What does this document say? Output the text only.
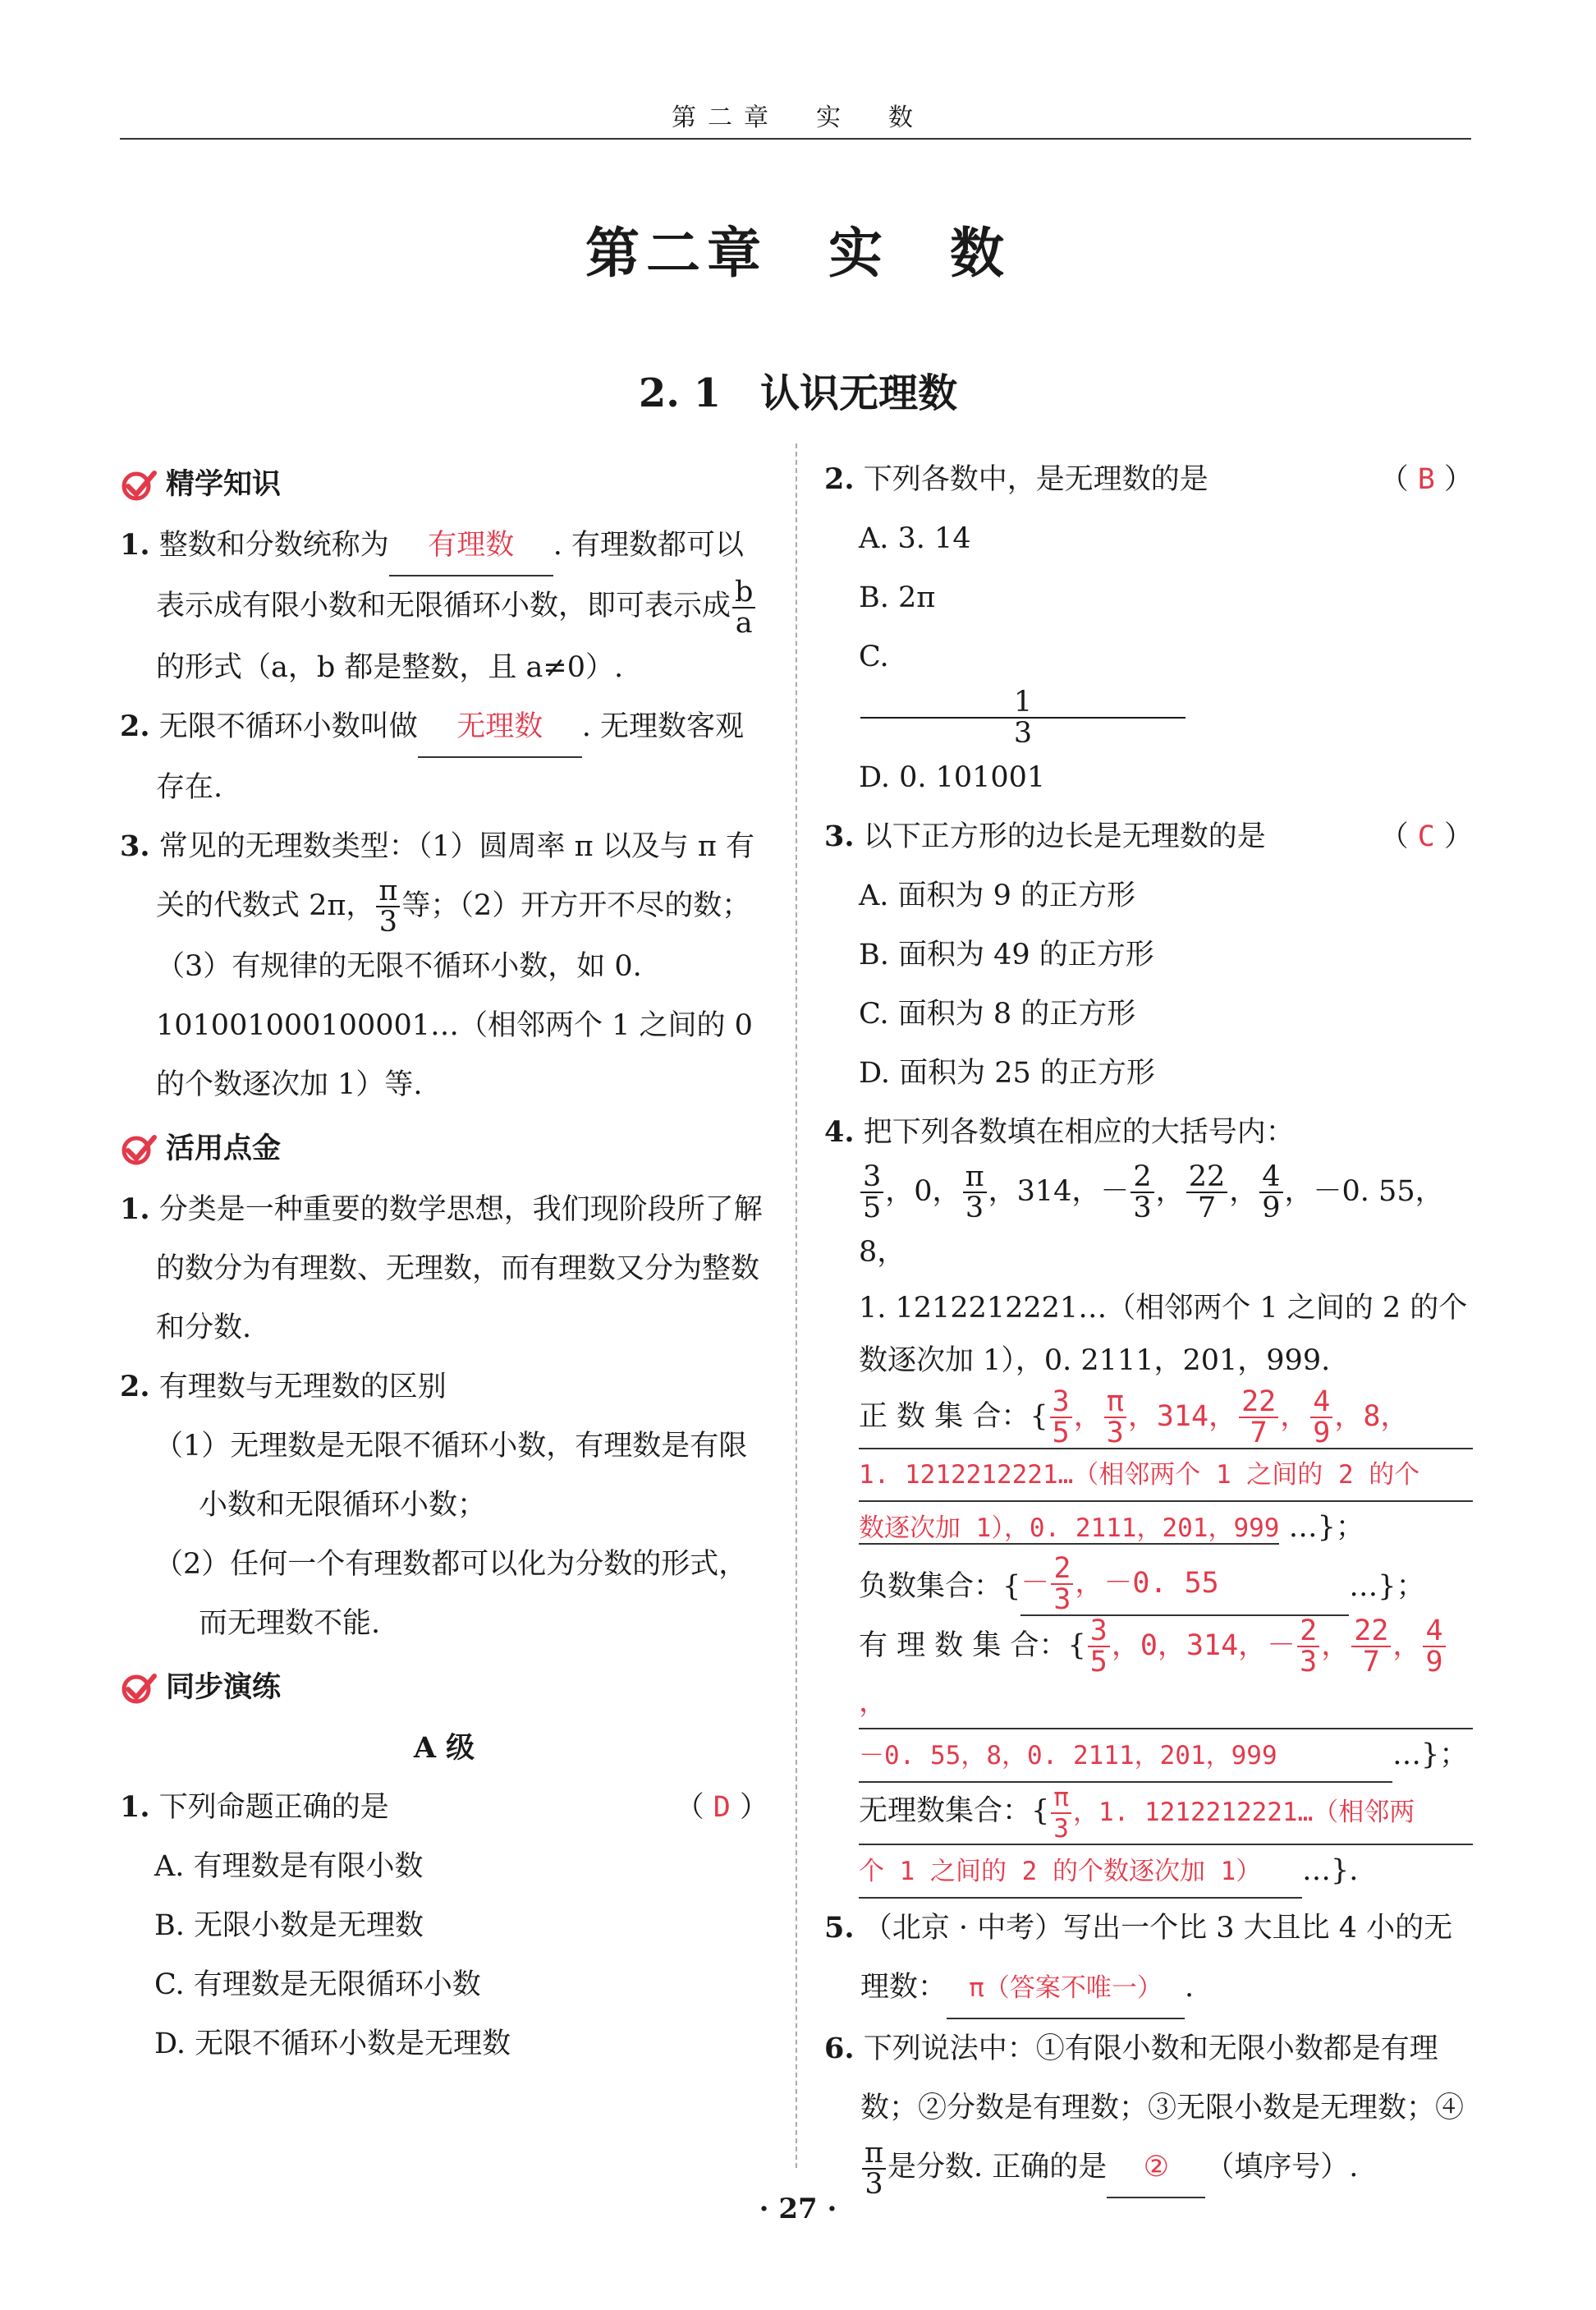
第二章　实　数
第二章　实　数
2. 1　认识无理数
精学知识

1. 整数和分数统称为 有理数 . 有理数都可以表示成有限小数和无限循环小数，即可表示成 $\frac{b}{a}$
的形式（a，b 都是整数，且 a≠0）.

2. 无限不循环小数叫做 无理数 . 无理数客观存在.

3. 常见的无理数类型：（1）圆周率 π 以及与 π 有关的代数式 2π， $\frac{\pi}{3}$ 等；（2）开方开不尽的数；（3）有规律的无限不循环小数，如 0. 101001000100001…（相邻两个 1 之间的 0 的个数逐次加 1）等.

活用点金

1. 分类是一种重要的数学思想，我们现阶段所了解的数分为有理数、无理数，而有理数又分为整数和分数.

2. 有理数与无理数的区别

（1）无理数是无限不循环小数，有理数是有限小数和无限循环小数；

（2）任何一个有理数都可以化为分数的形式，而无理数不能.

同步演练

A 级

1. 下列命题正确的是	（ D ）

A. 有理数是有限小数

B. 无限小数是无理数

C. 有理数是无限循环小数

D. 无限不循环小数是无理数

2. 下列各数中，是无理数的是	（ B ）

A. 3. 14
B. 2π
C.
$\frac{1}{3}$
D. 0. 101001

3. 以下正方形的边长是无理数的是	（ C ）

A. 面积为 9 的正方形

B. 面积为 49 的正方形

C. 面积为 8 的正方形

D. 面积为 25 的正方形

4. 把下列各数填在相应的大括号内：

$\frac{3}{5}$ ，0， $\frac{\pi}{3}$ ，314，－ $\frac{2}{3}$ ， $\frac{22}{7}$ ， $\frac{4}{9}$ ，－0. 55，8，

1. 1212212221…（相邻两个 1 之间的 2 的个数逐次加 1），0. 2111，201，999.

正 数 集 合：{ $\frac{3}{5}$ ， $\frac{\pi}{3}$ ，314， $\frac{22}{7}$ ， $\frac{4}{9}$ ，8，
1. 1212212221…（相邻两个 1 之间的 2 的个
数逐次加 1），0. 2111，201，999 …}；
负数集合：{－ $\frac{2}{3}$ ，－0. 55	…}；
有 理 数 集 合：{ $\frac{3}{5}$ ，0，314，－ $\frac{2}{3}$ ， $\frac{22}{7}$ ， $\frac{4}{9}$
，
－0. 55，8，0. 2111，201，999	…}；
无理数集合：{ $\frac{\pi}{3}$ ，1. 1212212221…（相邻两
个 1 之间的 2 的个数逐次加 1） …}.

5. （北京 · 中考）写出一个比 3 大且比 4 小的无理数： π（答案不唯一） .

6. 下列说法中：①有限小数和无限小数都是有理数；②分数是有理数；③无限小数是无理数；④
$\frac{\pi}{3}$ 是分数. 正确的是 ② （填序号）.

· 27 ·
